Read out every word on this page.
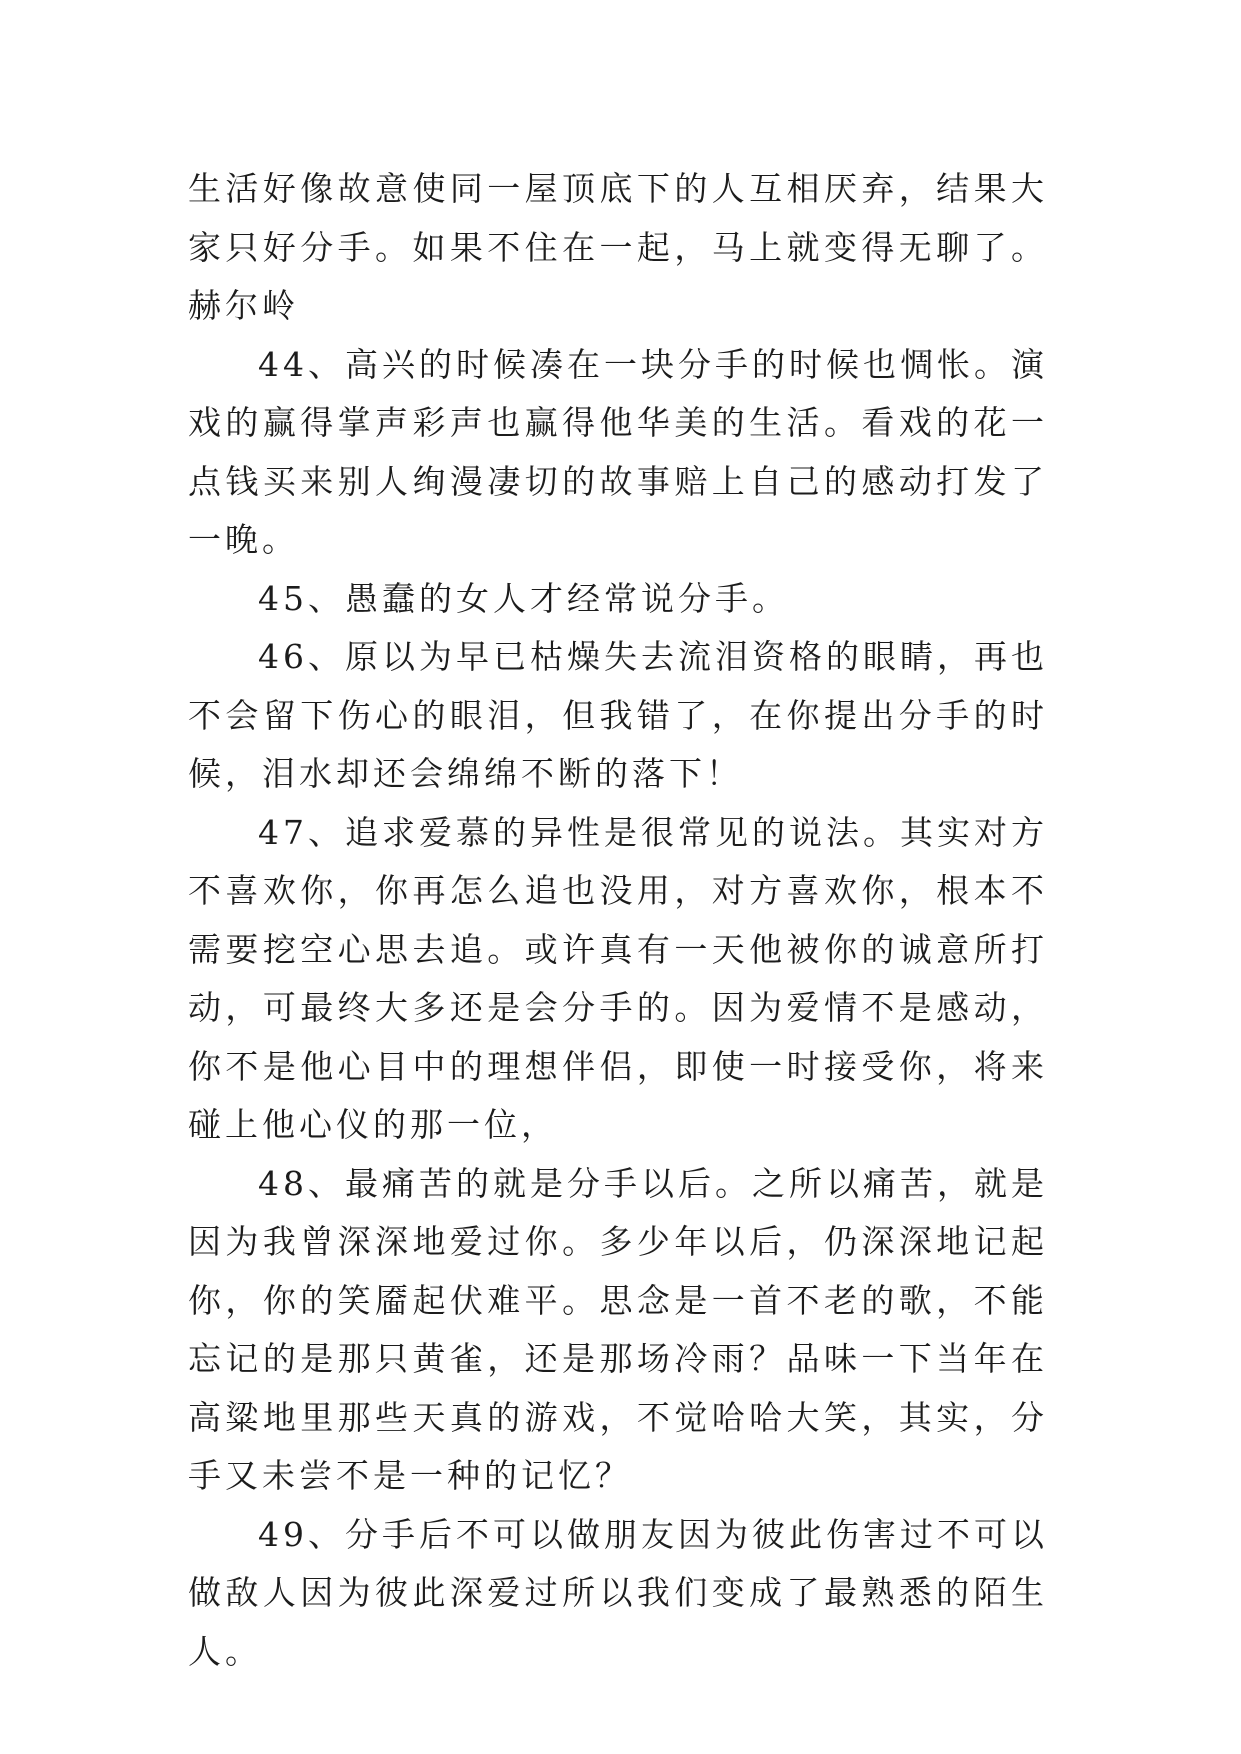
生活好像故意使同一屋顶底下的人互相厌弃，结果大家只好分手。如果不住在一起，马上就变得无聊了。赫尔岭

44、高兴的时候凑在一块分手的时候也惆怅。演戏的赢得掌声彩声也赢得他华美的生活。看戏的花一点钱买来别人绚漫凄切的故事赔上自己的感动打发了一晚。

45、愚蠢的女人才经常说分手。

46、原以为早已枯燥失去流泪资格的眼睛，再也不会留下伤心的眼泪，但我错了，在你提出分手的时候，泪水却还会绵绵不断的落下！

47、追求爱慕的异性是很常见的说法。其实对方不喜欢你，你再怎么追也没用，对方喜欢你，根本不需要挖空心思去追。或许真有一天他被你的诚意所打动，可最终大多还是会分手的。因为爱情不是感动，你不是他心目中的理想伴侣，即使一时接受你，将来碰上他心仪的那一位，

48、最痛苦的就是分手以后。之所以痛苦，就是因为我曾深深地爱过你。多少年以后，仍深深地记起你，你的笑靥起伏难平。思念是一首不老的歌，不能忘记的是那只黄雀，还是那场冷雨？品味一下当年在高粱地里那些天真的游戏，不觉哈哈大笑，其实，分手又未尝不是一种的记忆？

49、分手后不可以做朋友因为彼此伤害过不可以做敌人因为彼此深爱过所以我们变成了最熟悉的陌生人。
